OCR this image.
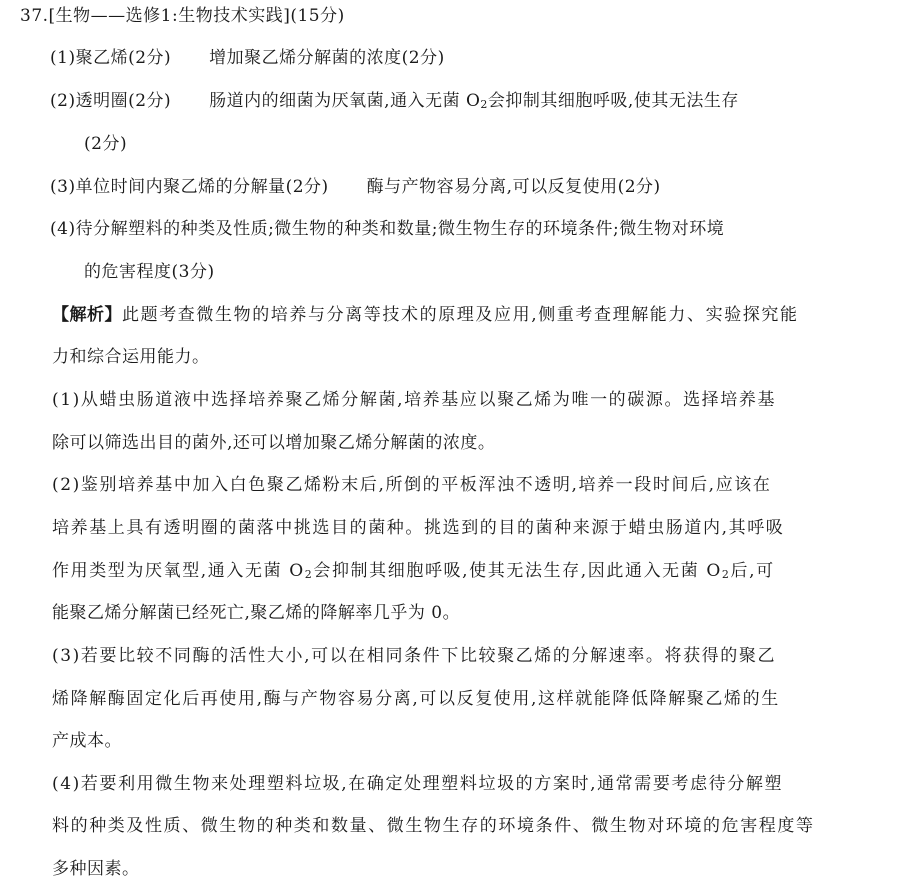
37.[生物——选修1:生物技术实践](15分)
(1)聚乙烯(2分) 增加聚乙烯分解菌的浓度(2分)
(2)透明圈(2分) 肠道内的细菌为厌氧菌,通入无菌 $O_2$会抑制其细胞呼吸,使其无法生存
(2分)
(3)单位时间内聚乙烯的分解量(2分) 酶与产物容易分离,可以反复使用(2分)
(4)待分解塑料的种类及性质;微生物的种类和数量;微生物生存的环境条件;微生物对环境
的危害程度(3分)
【解析】此题考查微生物的培养与分离等技术的原理及应用,侧重考查理解能力、实验探究能
力和综合运用能力。
(1)从蜡虫肠道液中选择培养聚乙烯分解菌,培养基应以聚乙烯为唯一的碳源。选择培养基
除可以筛选出目的菌外,还可以增加聚乙烯分解菌的浓度。
(2)鉴别培养基中加入白色聚乙烯粉末后,所倒的平板浑浊不透明,培养一段时间后,应该在
培养基上具有透明圈的菌落中挑选目的菌种。挑选到的目的菌种来源于蜡虫肠道内,其呼吸
作用类型为厌氧型,通入无菌 $O_2$会抑制其细胞呼吸,使其无法生存,因此通入无菌 $O_2$后,可
能聚乙烯分解菌已经死亡,聚乙烯的降解率几乎为 0。
(3)若要比较不同酶的活性大小,可以在相同条件下比较聚乙烯的分解速率。将获得的聚乙
烯降解酶固定化后再使用,酶与产物容易分离,可以反复使用,这样就能降低降解聚乙烯的生
产成本。
(4)若要利用微生物来处理塑料垃圾,在确定处理塑料垃圾的方案时,通常需要考虑待分解塑
料的种类及性质、微生物的种类和数量、微生物生存的环境条件、微生物对环境的危害程度等
多种因素。
